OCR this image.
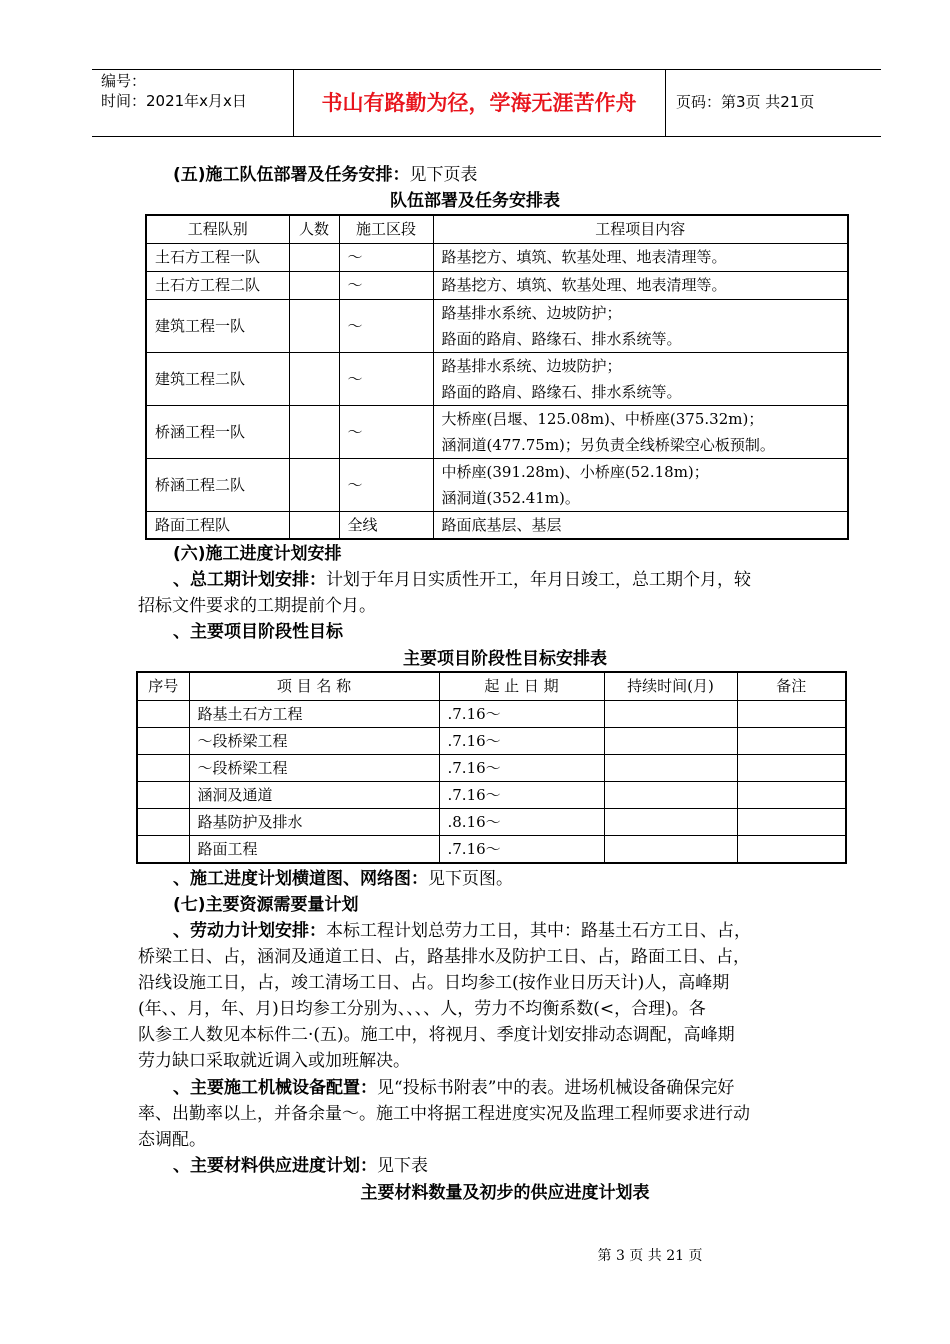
编号：
时间：2021年x月x日	书山有路勤为径，学海无涯苦作舟	页码：第3页 共21页
(五)施工队伍部署及任务安排：见下页表
队伍部署及任务安排表
工程队别	人数	施工区段	工程项目内容
土石方工程一队		～	路基挖方、填筑、软基处理、地表清理等。
土石方工程二队		～	路基挖方、填筑、软基处理、地表清理等。
建筑工程一队		～	路基排水系统、边坡防护；
路面的路肩、路缘石、排水系统等。

建筑工程二队		～	路基排水系统、边坡防护；
路面的路肩、路缘石、排水系统等。

桥涵工程一队		～	大桥座(吕堰、125.08m)、中桥座(375.32m)；
涵洞道(477.75m)；另负责全线桥梁空心板预制。

桥涵工程二队		～	中桥座(391.28m)、小桥座(52.18m)；
涵洞道(352.41m)。

路面工程队		全线	路面底基层、基层
(六)施工进度计划安排
、总工期计划安排：计划于年月日实质性开工，年月日竣工，总工期个月，较
招标文件要求的工期提前个月。
、主要项目阶段性目标
主要项目阶段性目标安排表
序号	项 目 名 称	起 止 日 期	持续时间(月)	备注
	路基土石方工程	.7.16～		
	～段桥梁工程	.7.16～		
	～段桥梁工程	.7.16～		
	涵洞及通道	.7.16～		
	路基防护及排水	.8.16～		
	路面工程	.7.16～		
、施工进度计划横道图、网络图：见下页图。
(七)主要资源需要量计划
、劳动力计划安排：本标工程计划总劳力工日，其中：路基土石方工日、占，
桥梁工日、占，涵洞及通道工日、占，路基排水及防护工日、占，路面工日、占，
沿线设施工日，占，竣工清场工日、占。日均参工(按作业日历天计)人，高峰期
(年、、月，年、月)日均参工分别为、、、、人，劳力不均衡系数(<，合理)。各
队参工人数见本标件二·(五)。施工中，将视月、季度计划安排动态调配，高峰期
劳力缺口采取就近调入或加班解决。
、主要施工机械设备配置：见“投标书附表”中的表。进场机械设备确保完好
率、出勤率以上，并备余量～。施工中将据工程进度实况及监理工程师要求进行动
态调配。
、主要材料供应进度计划：见下表
主要材料数量及初步的供应进度计划表
第 3 页 共 21 页
